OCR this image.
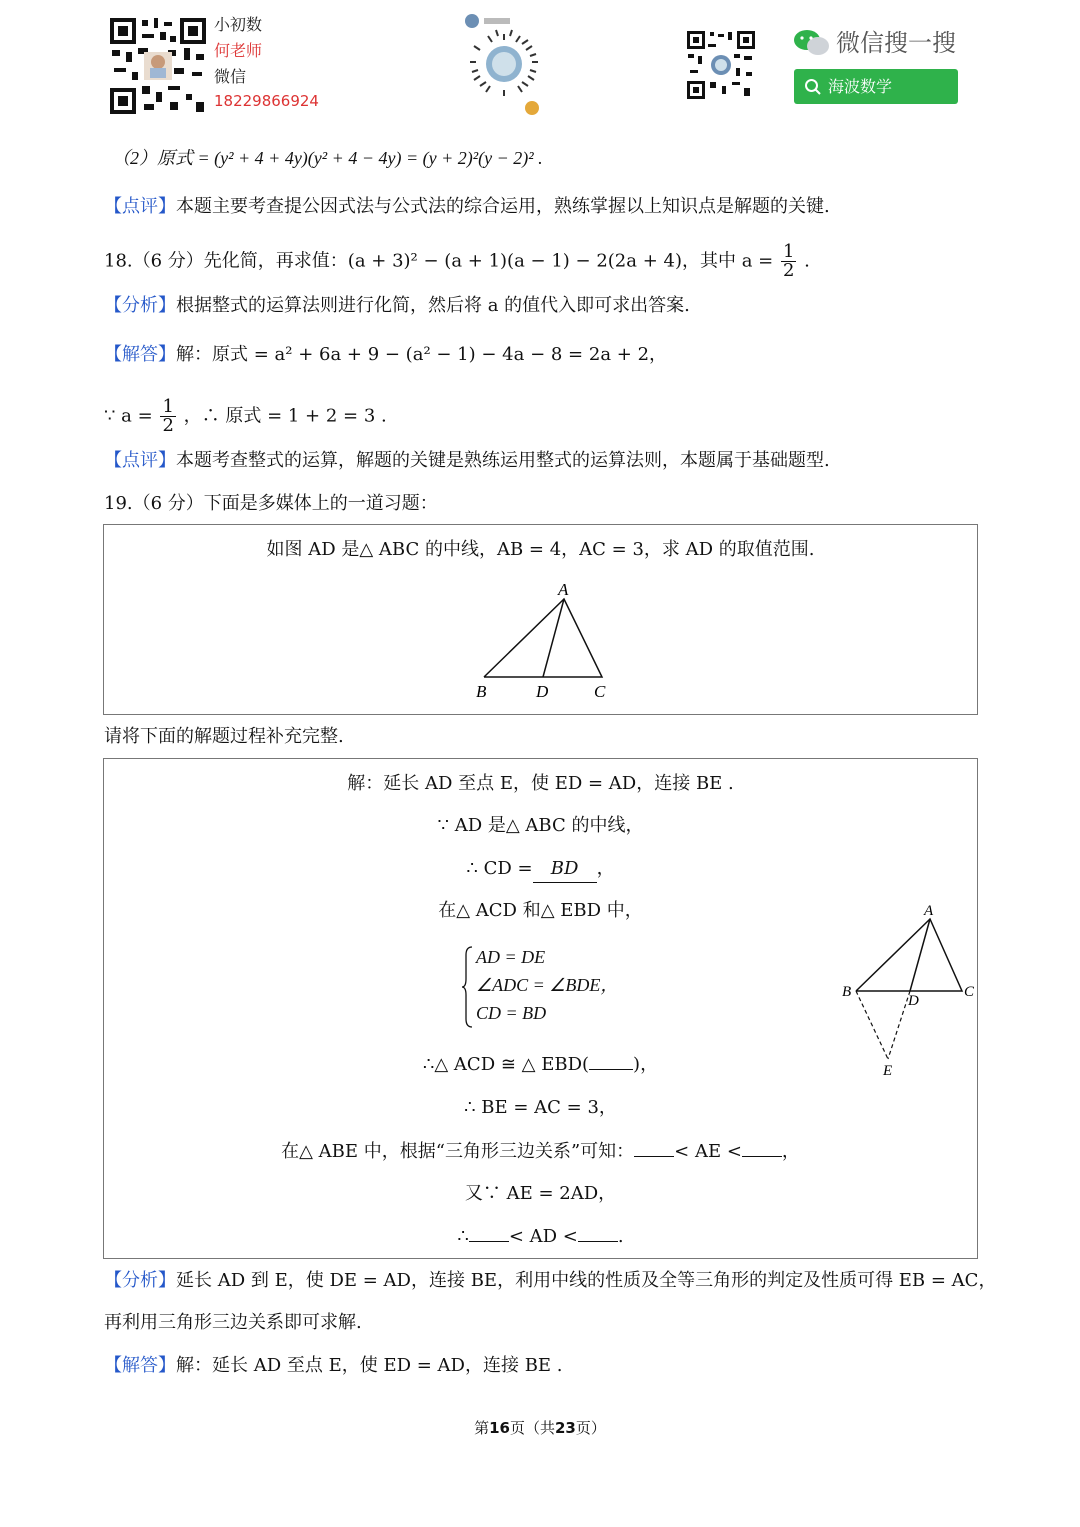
小初数
何老师
微信
18229866924
微信搜一搜
海波数学
（2）原式 = (y² + 4 + 4y)(y² + 4 − 4y) = (y + 2)²(y − 2)² .
【点评】本题主要考查提公因式法与公式法的综合运用，熟练掌握以上知识点是解题的关键.
18.（6 分）先化简，再求值：(a + 3)² − (a + 1)(a − 1) − 2(2a + 4)，其中 $a = \frac{1}{2}$ .
【分析】根据整式的运算法则进行化简，然后将 a 的值代入即可求出答案.
【解答】解：原式 = a² + 6a + 9 − (a² − 1) − 4a − 8 = 2a + 2，
∵ $a = \frac{1}{2}$ ，∴ 原式 = 1 + 2 = 3 .
【点评】本题考查整式的运算，解题的关键是熟练运用整式的运算法则，本题属于基础题型.
19.（6 分）下面是多媒体上的一道习题：
如图 AD 是△ ABC 的中线，AB = 4，AC = 3，求 AD 的取值范围.
A
B	D	C
请将下面的解题过程补充完整.
解：延长 AD 至点 E，使 ED = AD，连接 BE .
∵ AD 是△ ABC 的中线，
∴ CD = BD ，
在△ ACD 和△ EBD 中，
AD = DE
∠ADC = ∠BDE，
CD = BD
∴△ ACD ≅ △ EBD( )，
∴ BE = AC = 3，
在△ ABE 中，根据“三角形三边关系”可知： < AE < ，
又∵ AE = 2AD，
∴ < AD < .
A
B
D
C
E
【分析】延长 AD 到 E，使 DE = AD，连接 BE，利用中线的性质及全等三角形的判定及性质可得 EB = AC，
再利用三角形三边关系即可求解.
【解答】解：延长 AD 至点 E，使 ED = AD，连接 BE .
第16页（共23页）
